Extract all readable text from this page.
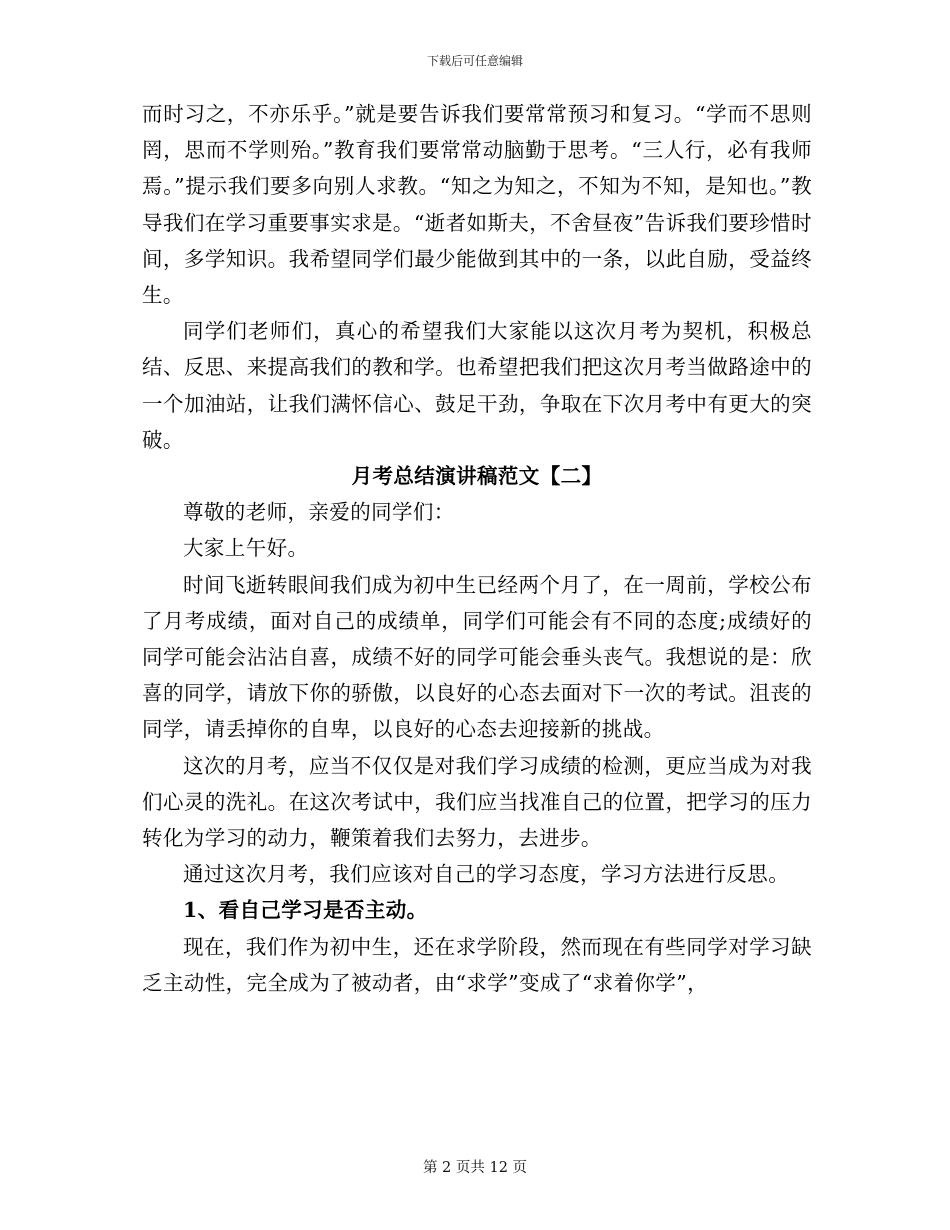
下载后可任意编辑

而时习之，不亦乐乎。”就是要告诉我们要常常预习和复习。“学而不思则罔，思而不学则殆。”教育我们要常常动脑勤于思考。“三人行，必有我师焉。”提示我们要多向别人求教。“知之为知之，不知为不知，是知也。”教导我们在学习重要事实求是。“逝者如斯夫，不舍昼夜”告诉我们要珍惜时间，多学知识。我希望同学们最少能做到其中的一条，以此自励，受益终生。

同学们老师们，真心的希望我们大家能以这次月考为契机，积极总结、反思、来提高我们的教和学。也希望把我们把这次月考当做路途中的一个加油站，让我们满怀信心、鼓足干劲，争取在下次月考中有更大的突破。

月考总结演讲稿范文【二】

尊敬的老师，亲爱的同学们：

大家上午好。

时间飞逝转眼间我们成为初中生已经两个月了，在一周前，学校公布了月考成绩，面对自己的成绩单，同学们可能会有不同的态度;成绩好的同学可能会沾沾自喜，成绩不好的同学可能会垂头丧气。我想说的是：欣喜的同学，请放下你的骄傲，以良好的心态去面对下一次的考试。沮丧的同学，请丢掉你的自卑，以良好的心态去迎接新的挑战。

这次的月考，应当不仅仅是对我们学习成绩的检测，更应当成为对我们心灵的洗礼。在这次考试中，我们应当找准自己的位置，把学习的压力转化为学习的动力，鞭策着我们去努力，去进步。

通过这次月考，我们应该对自己的学习态度，学习方法进行反思。

1、看自己学习是否主动。

现在，我们作为初中生，还在求学阶段，然而现在有些同学对学习缺乏主动性，完全成为了被动者，由“求学”变成了“求着你学”，

第 2 页共 12 页
